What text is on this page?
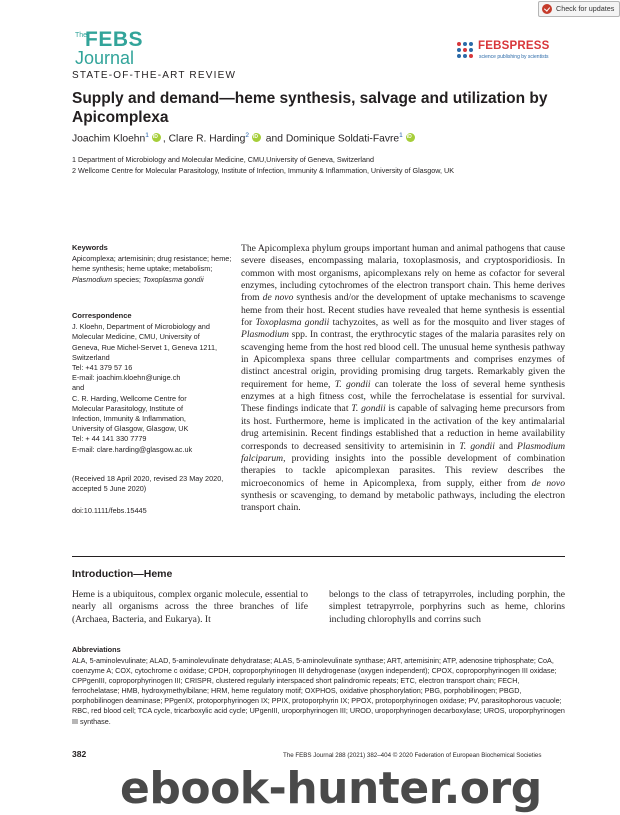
Check for updates
The
FEBS
Journal
FEBSPRESS
science publishing by scientists
STATE-OF-THE-ART REVIEW
Supply and demand—heme synthesis, salvage and utilization by Apicomplexa
Joachim Kloehn$^1$iD , Clare R. Harding$^2$iD and Dominique Soldati-Favre$^1$iD
1 Department of Microbiology and Molecular Medicine, CMU,University of Geneva, Switzerland
2 Wellcome Centre for Molecular Parasitology, Institute of Infection, Immunity & Inflammation, University of Glasgow, UK
Keywords
Apicomplexa; artemisinin; drug resistance; heme; heme synthesis; heme uptake; metabolism; Plasmodium species; Toxoplasma gondii
Correspondence
J. Kloehn, Department of Microbiology and
Molecular Medicine, CMU, University of
Geneva, Rue Michel-Servet 1, Geneva 1211,
Switzerland
Tel: +41 379 57 16
E-mail: joachim.kloehn@unige.ch
and
C. R. Harding, Wellcome Centre for
Molecular Parasitology, Institute of
Infection, Immunity & Inflammation,
University of Glasgow, Glasgow, UK
Tel: + 44 141 330 7779
E-mail: clare.harding@glasgow.ac.uk
(Received 18 April 2020, revised 23 May 2020, accepted 5 June 2020)
doi:10.1111/febs.15445
The Apicomplexa phylum groups important human and animal pathogens that cause severe diseases, encompassing malaria, toxoplasmosis, and cryptosporidiosis. In common with most organisms, apicomplexans rely on heme as cofactor for several enzymes, including cytochromes of the electron transport chain. This heme derives from de novo synthesis and/or the development of uptake mechanisms to scavenge heme from their host. Recent studies have revealed that heme synthesis is essential for Toxoplasma gondii tachyzoites, as well as for the mosquito and liver stages of Plasmodium spp. In contrast, the erythrocytic stages of the malaria parasites rely on scavenging heme from the host red blood cell. The unusual heme synthesis pathway in Apicomplexa spans three cellular compartments and comprises enzymes of distinct ancestral origin, providing promising drug targets. Remarkably given the requirement for heme, T. gondii can tolerate the loss of several heme synthesis enzymes at a high fitness cost, while the ferrochelatase is essential for survival. These findings indicate that T. gondii is capable of salvaging heme precursors from its host. Furthermore, heme is implicated in the activation of the key antimalarial drug artemisinin. Recent findings established that a reduction in heme availability corresponds to decreased sensitivity to artemisinin in T. gondii and Plasmodium falciparum, providing insights into the possible development of combination therapies to tackle apicomplexan parasites. This review describes the microeconomics of heme in Apicomplexa, from supply, either from de novo synthesis or scavenging, to demand by metabolic pathways, including the electron transport chain.
Introduction—Heme

Heme is a ubiquitous, complex organic molecule, essential to nearly all organisms across the three branches of life (Archaea, Bacteria, and Eukarya). It

belongs to the class of tetrapyrroles, including porphin, the simplest tetrapyrrole, porphyrins such as heme, chlorins including chlorophylls and corrins such

Abbreviations

ALA, 5-aminolevulinate; ALAD, 5-aminolevulinate dehydratase; ALAS, 5-aminolevulinate synthase; ART, artemisinin; ATP, adenosine triphosphate; CoA, coenzyme A; COX, cytochrome c oxidase; CPDH, coproporphyrinogen III dehydrogenase (oxygen independent); CPOX, coproporphyrinogen III oxidase; CPPgenIII, coproporphyrinogen III; CRISPR, clustered regularly interspaced short palindromic repeats; ETC, electron transport chain; FECH, ferrochelatase; HMB, hydroxymethylbilane; HRM, heme regulatory motif; OXPHOS, oxidative phosphorylation; PBG, porphobilinogen; PBGD, porphobilinogen deaminase; PPgenIX, protoporphyrinogen IX; PPIX, protoporphyrin IX; PPOX, protoporphyrinogen oxidase; PV, parasitophorous vacuole; RBC, red blood cell; TCA cycle, tricarboxylic acid cycle; UPgenIII, uroporphyrinogen III; UROD, uroporphyrinogen decarboxylase; UROS, uroporphyrinogen III synthase.

382	The FEBS Journal 288 (2021) 382–404 © 2020 Federation of European Biochemical Societies
ebook-hunter.org
